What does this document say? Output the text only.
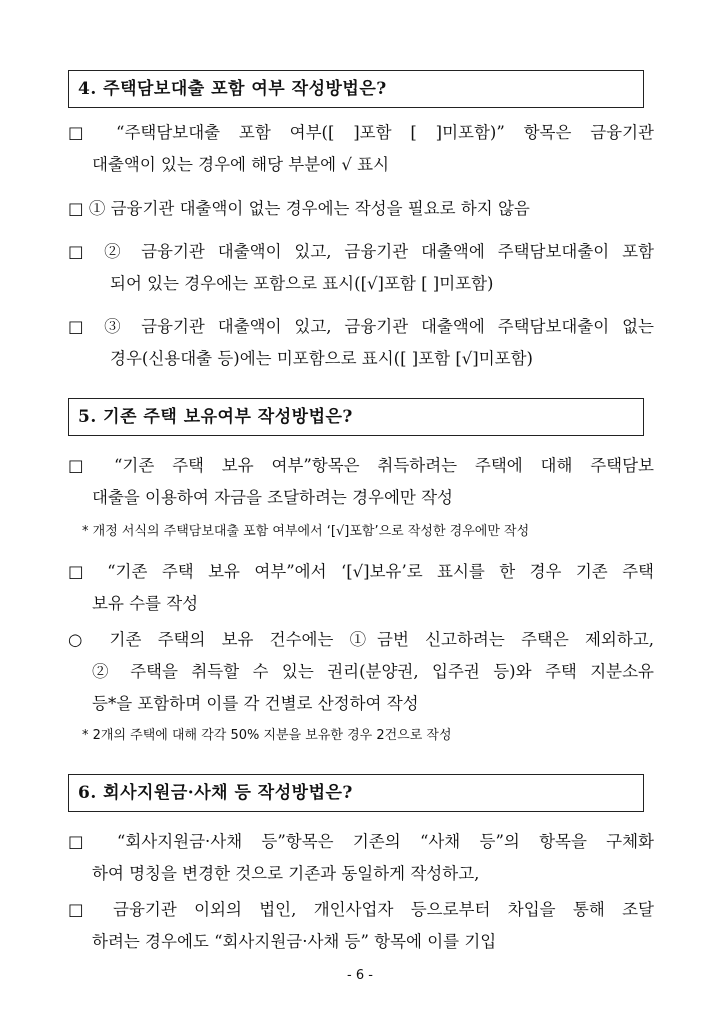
4. 주택담보대출 포함 여부 작성방법은?
□ “주택담보대출 포함 여부([ ]포함 [ ]미포함)” 항목은 금융기관
대출액이 있는 경우에 해당 부분에 √ 표시
□ ① 금융기관 대출액이 없는 경우에는 작성을 필요로 하지 않음
□ ② 금융기관 대출액이 있고, 금융기관 대출액에 주택담보대출이 포함
되어 있는 경우에는 포함으로 표시([√]포함 [ ]미포함)
□ ③ 금융기관 대출액이 있고, 금융기관 대출액에 주택담보대출이 없는
경우(신용대출 등)에는 미포함으로 표시([ ]포함 [√]미포함)
5. 기존 주택 보유여부 작성방법은?
□ “기존 주택 보유 여부”항목은 취득하려는 주택에 대해 주택담보
대출을 이용하여 자금을 조달하려는 경우에만 작성
* 개정 서식의 주택담보대출 포함 여부에서 ‘[√]포함’으로 작성한 경우에만 작성
□ “기존 주택 보유 여부”에서 ‘[√]보유’로 표시를 한 경우 기존 주택
보유 수를 작성
○ 기존 주택의 보유 건수에는 ①금번 신고하려는 주택은 제외하고,
② 주택을 취득할 수 있는 권리(분양권, 입주권 등)와 주택 지분소유
등*을 포함하며 이를 각 건별로 산정하여 작성
* 2개의 주택에 대해 각각 50% 지분을 보유한 경우 2건으로 작성
6. 회사지원금·사채 등 작성방법은?
□ “회사지원금·사채 등”항목은 기존의 “사채 등”의 항목을 구체화
하여 명칭을 변경한 것으로 기존과 동일하게 작성하고,
□ 금융기관 이외의 법인, 개인사업자 등으로부터 차입을 통해 조달
하려는 경우에도 “회사지원금·사채 등” 항목에 이를 기입
- 6 -
